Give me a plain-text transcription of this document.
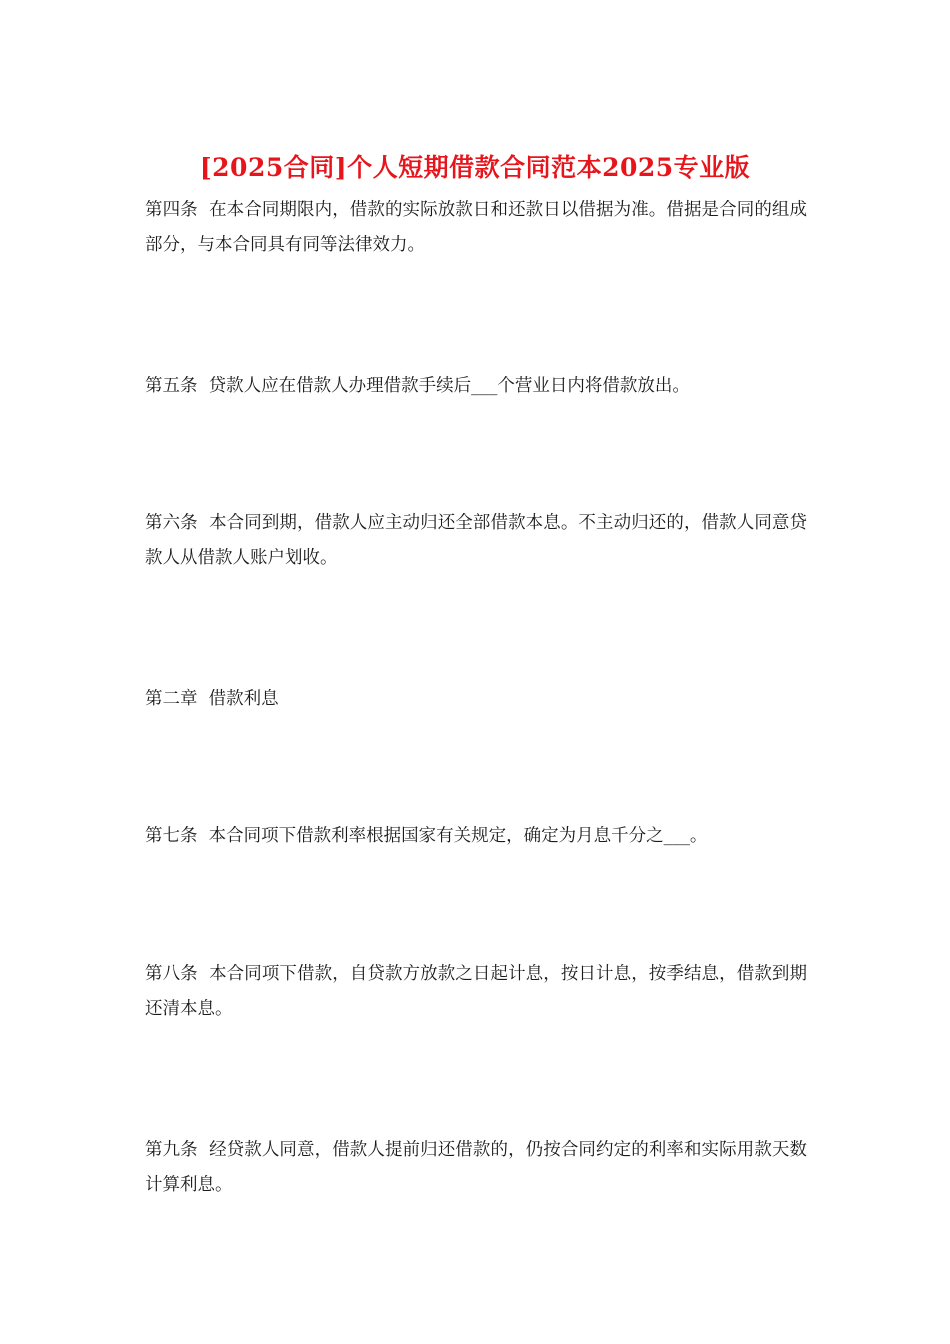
[2025合同]个人短期借款合同范本2025专业版

第四条  在本合同期限内，借款的实际放款日和还款日以借据为准。借据是合同的组成部分，与本合同具有同等法律效力。

第五条  贷款人应在借款人办理借款手续后___个营业日内将借款放出。

第六条  本合同到期，借款人应主动归还全部借款本息。不主动归还的，借款人同意贷款人从借款人账户划收。

第二章  借款利息

第七条  本合同项下借款利率根据国家有关规定，确定为月息千分之___。

第八条  本合同项下借款，自贷款方放款之日起计息，按日计息，按季结息，借款到期还清本息。

第九条  经贷款人同意，借款人提前归还借款的，仍按合同约定的利率和实际用款天数计算利息。
